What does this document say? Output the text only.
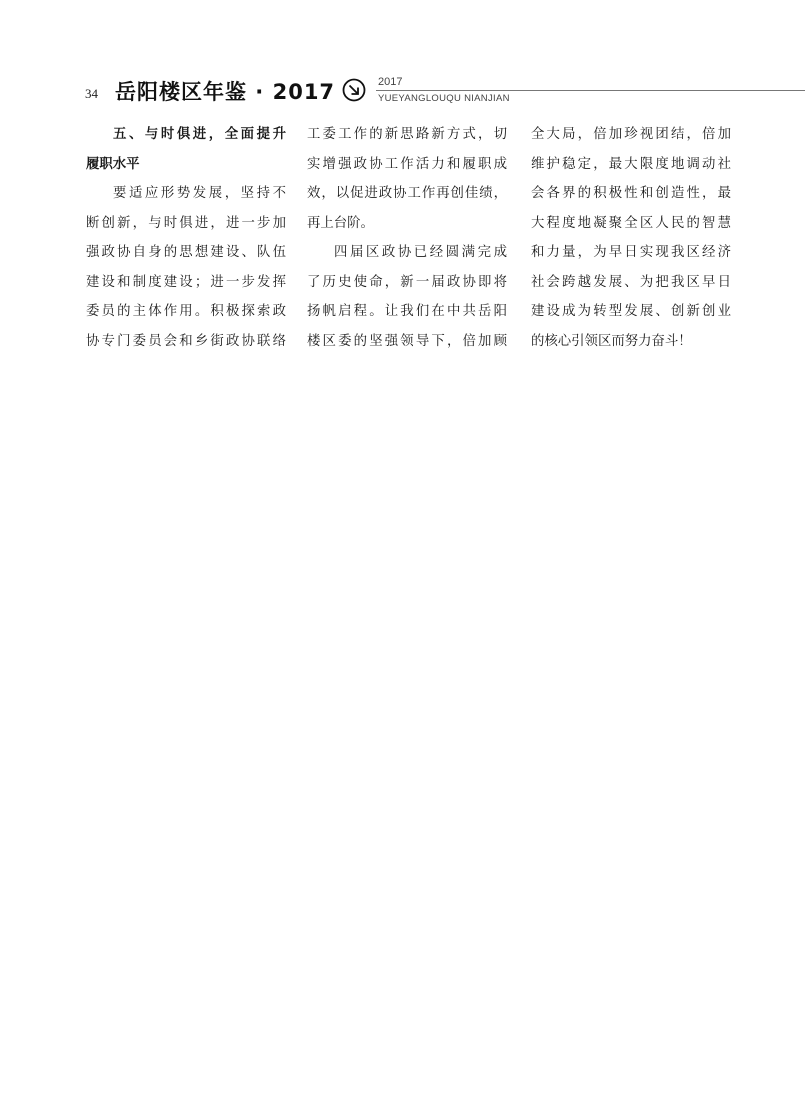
34 岳阳楼区年鉴 · 2017	2017
YUEYANGLOUQU NIANJIAN
五、与时俱进，全面提升
履职水平
要适应形势发展，坚持不
断创新，与时俱进，进一步加
强政协自身的思想建设、队伍
建设和制度建设；进一步发挥
委员的主体作用。积极探索政
协专门委员会和乡街政协联络
工委工作的新思路新方式，切
实增强政协工作活力和履职成
效，以促进政协工作再创佳绩，
再上台阶。
四届区政协已经圆满完成
了历史使命，新一届政协即将
扬帆启程。让我们在中共岳阳
楼区委的坚强领导下，倍加顾
全大局，倍加珍视团结，倍加
维护稳定，最大限度地调动社
会各界的积极性和创造性，最
大程度地凝聚全区人民的智慧
和力量，为早日实现我区经济
社会跨越发展、为把我区早日
建设成为转型发展、创新创业
的核心引领区而努力奋斗！
